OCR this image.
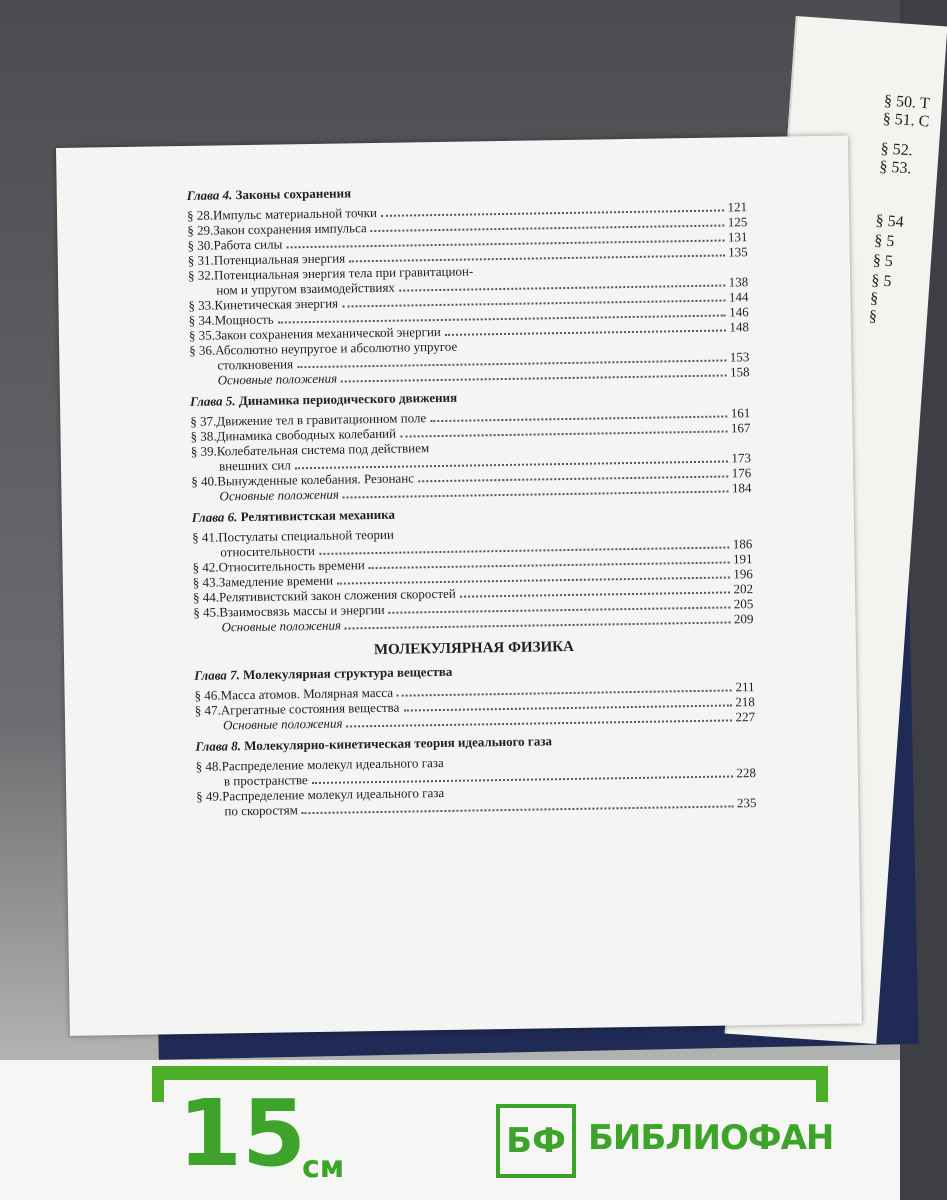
§ 50. Т
§ 51. С
§ 52.
§ 53.
§ 54
§ 5
§ 5
§ 5
§
§
Глава 4. Законы сохранения
§ 28. Импульс материальной точки	121
§ 29. Закон сохранения импульса	125
§ 30. Работа силы	131
§ 31. Потенциальная энергия	135
§ 32. Потенциальная энергия тела при гравитацион-
ном и упругом взаимодействиях	138
§ 33. Кинетическая энергия	144
§ 34. Мощность	146
§ 35. Закон сохранения механической энергии	148
§ 36. Абсолютно неупругое и абсолютно упругое
столкновения	153
Основные положения	158
Глава 5. Динамика периодического движения
§ 37. Движение тел в гравитационном поле	161
§ 38. Динамика свободных колебаний	167
§ 39. Колебательная система под действием
внешних сил	173
§ 40. Вынужденные колебания. Резонанс	176
Основные положения	184
Глава 6. Релятивистская механика
§ 41. Постулаты специальной теории
относительности	186
§ 42. Относительность времени	191
§ 43. Замедление времени	196
§ 44. Релятивистский закон сложения скоростей	202
§ 45. Взаимосвязь массы и энергии	205
Основные положения	209
МОЛЕКУЛЯРНАЯ ФИЗИКА
Глава 7. Молекулярная структура вещества
§ 46. Масса атомов. Молярная масса	211
§ 47. Агрегатные состояния вещества	218
Основные положения	227
Глава 8. Молекулярно-кинетическая теория идеального газа
§ 48. Распределение молекул идеального газа
в пространстве	228
§ 49. Распределение молекул идеального газа
по скоростям	235
15
см
БФ БИБЛИОФАН
